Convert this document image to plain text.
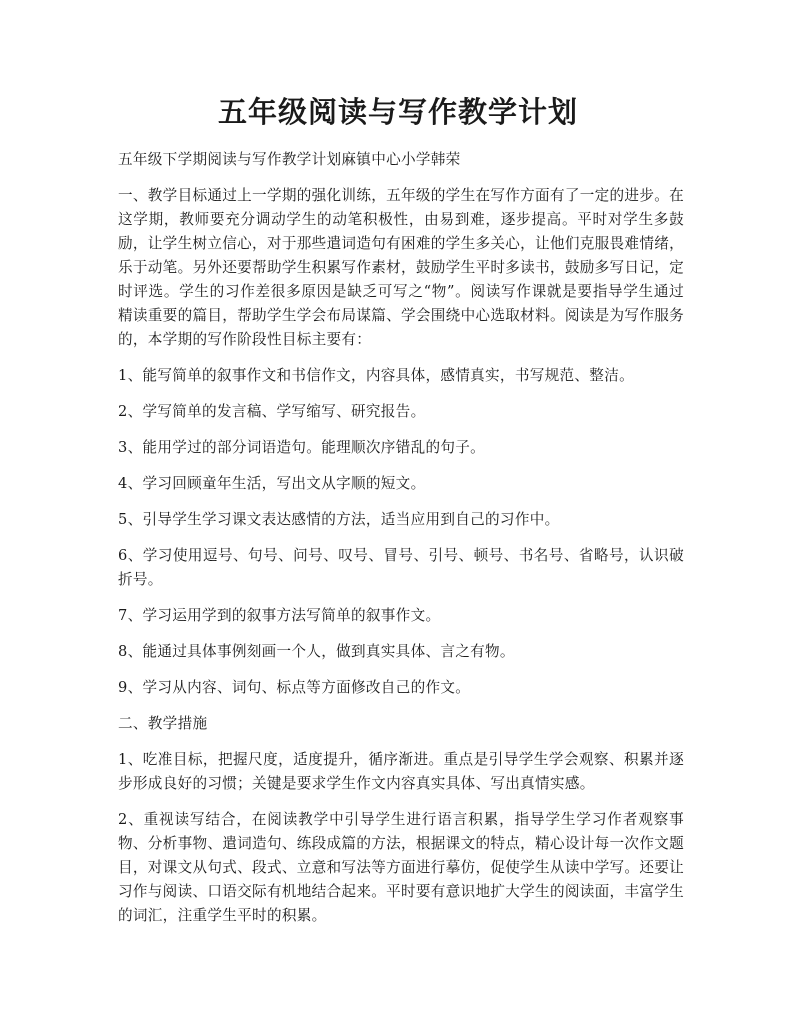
五年级阅读与写作教学计划

五年级下学期阅读与写作教学计划麻镇中心小学韩荣

一、教学目标通过上一学期的强化训练，五年级的学生在写作方面有了一定的进步。在这学期，教师要充分调动学生的动笔积极性，由易到难，逐步提高。平时对学生多鼓励，让学生树立信心，对于那些遣词造句有困难的学生多关心，让他们克服畏难情绪，乐于动笔。另外还要帮助学生积累写作素材，鼓励学生平时多读书，鼓励多写日记，定时评选。学生的习作差很多原因是缺乏可写之“物”。阅读写作课就是要指导学生通过精读重要的篇目，帮助学生学会布局谋篇、学会围绕中心选取材料。阅读是为写作服务的，本学期的写作阶段性目标主要有：

1、能写简单的叙事作文和书信作文，内容具体，感情真实，书写规范、整洁。

2、学写简单的发言稿、学写缩写、研究报告。

3、能用学过的部分词语造句。能理顺次序错乱的句子。

4、学习回顾童年生活，写出文从字顺的短文。

5、引导学生学习课文表达感情的方法，适当应用到自己的习作中。

6、学习使用逗号、句号、问号、叹号、冒号、引号、顿号、书名号、省略号，认识破折号。

7、学习运用学到的叙事方法写简单的叙事作文。

8、能通过具体事例刻画一个人，做到真实具体、言之有物。

9、学习从内容、词句、标点等方面修改自己的作文。

二、教学措施

1、吃准目标，把握尺度，适度提升，循序渐进。重点是引导学生学会观察、积累并逐步形成良好的习惯；关键是要求学生作文内容真实具体、写出真情实感。

2、重视读写结合，在阅读教学中引导学生进行语言积累，指导学生学习作者观察事物、分析事物、遣词造句、练段成篇的方法，根据课文的特点，精心设计每一次作文题目，对课文从句式、段式、立意和写法等方面进行摹仿，促使学生从读中学写。还要让习作与阅读、口语交际有机地结合起来。平时要有意识地扩大学生的阅读面，丰富学生的词汇，注重学生平时的积累。
